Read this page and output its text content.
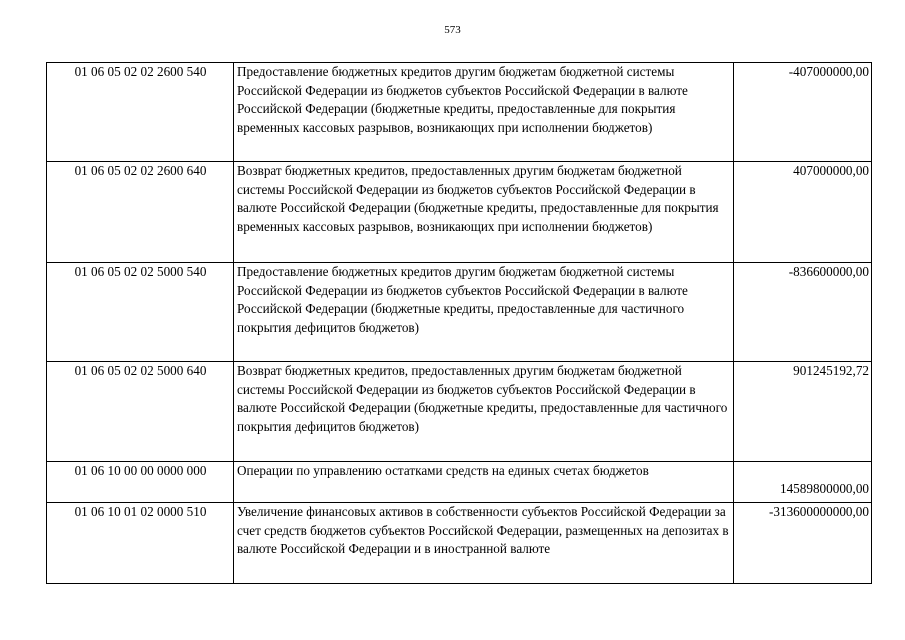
573
01 06 05 02 02 2600 540	Предоставление бюджетных кредитов другим бюджетам бюджетной системы Российской Федерации из бюджетов субъектов Российской Федерации в валюте Российской Федерации (бюджетные кредиты, предоставленные для покрытия временных кассовых разрывов, возникающих при исполнении бюджетов)	-407000000,00
01 06 05 02 02 2600 640	Возврат бюджетных кредитов, предоставленных другим бюджетам бюджетной системы Российской Федерации из бюджетов субъектов Российской Федерации в валюте Российской Федерации (бюджетные кредиты, предоставленные для покрытия временных кассовых разрывов, возникающих при исполнении бюджетов)	407000000,00
01 06 05 02 02 5000 540	Предоставление бюджетных кредитов другим бюджетам бюджетной системы Российской Федерации из бюджетов субъектов Российской Федерации в валюте Российской Федерации (бюджетные кредиты, предоставленные для частичного покрытия дефицитов бюджетов)	-836600000,00
01 06 05 02 02 5000 640	Возврат бюджетных кредитов, предоставленных другим бюджетам бюджетной системы Российской Федерации из бюджетов субъектов Российской Федерации в валюте Российской Федерации (бюджетные кредиты, предоставленные для частичного покрытия дефицитов бюджетов)	901245192,72
01 06 10 00 00 0000 000	Операции по управлению остатками средств на единых счетах бюджетов	14589800000,00
01 06 10 01 02 0000 510	Увеличение финансовых активов в собственности субъектов Российской Федерации за счет средств бюджетов субъектов Российской Федерации, размещенных на депозитах в валюте Российской Федерации и в иностранной валюте	-313600000000,00
